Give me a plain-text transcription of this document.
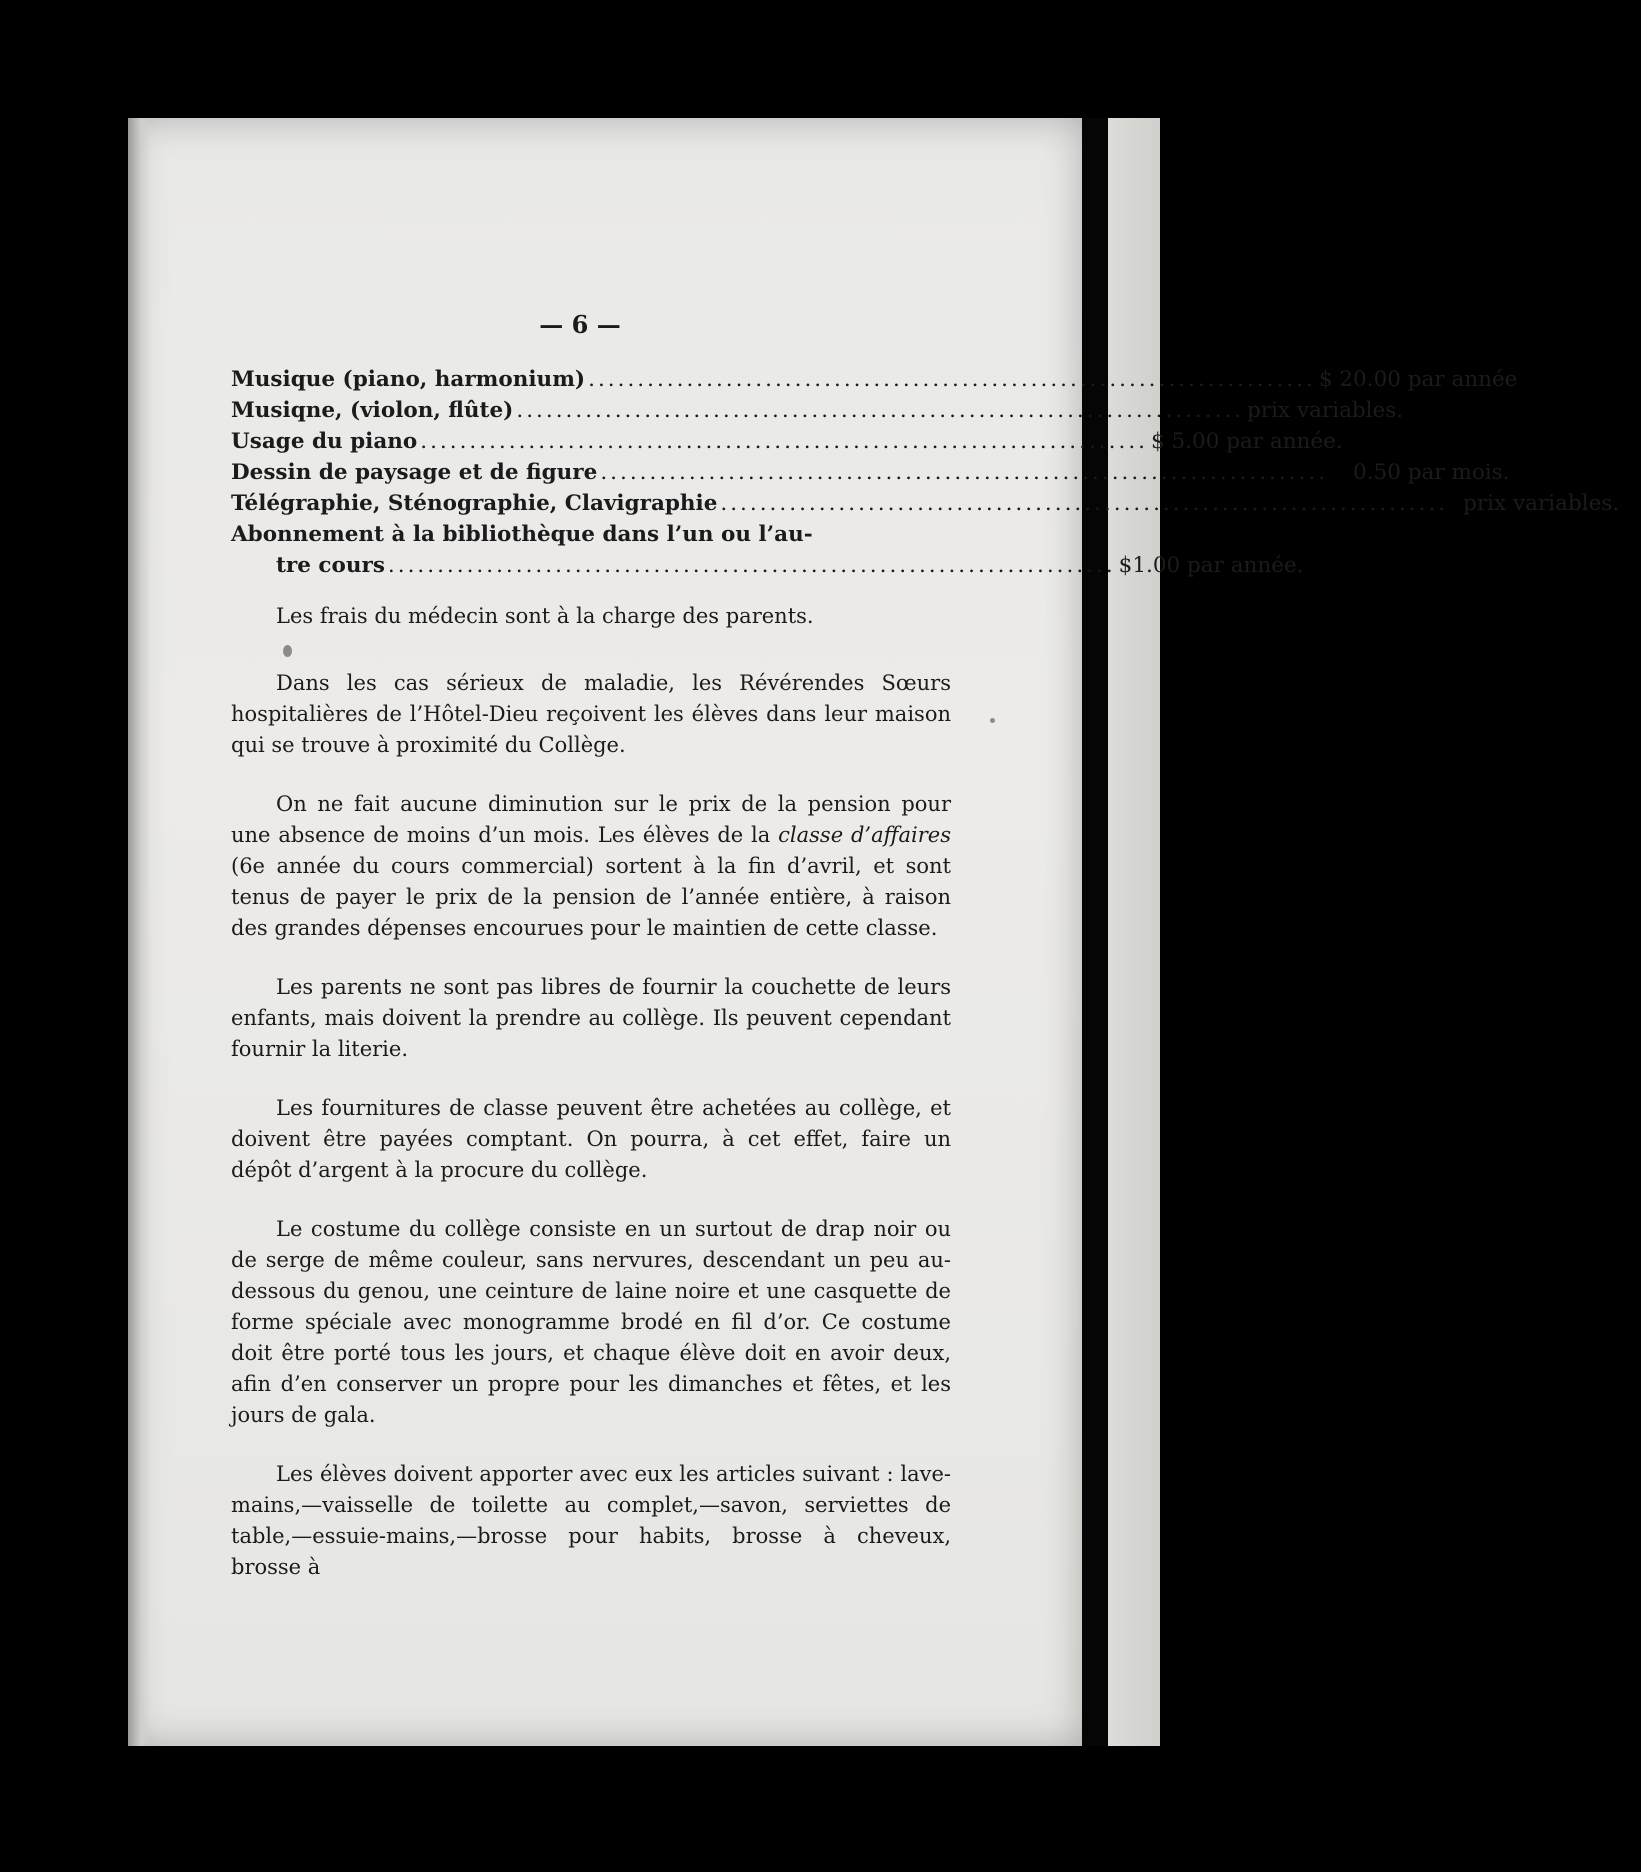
— 6 —
Musique (piano, harmonium) .......................................................................... $ 20.00 par année
Musiqne, (violon, flûte) .......................................................................... prix variables.
Usage du piano .......................................................................... $ 5.00 par année.
Dessin de paysage et de figure ..........................................................................	0.50 par mois.
Télégraphie, Sténographie, Clavigraphie .......................................................................... prix variables.
Abonnement à la bibliothèque dans l’un ou l’au-
tre cours .......................................................................... $1.00 par année.
Les frais du médecin sont à la charge des parents.

Dans les cas sérieux de maladie, les Révérendes Sœurs hospitalières de l’Hôtel-Dieu reçoivent les élèves dans leur maison qui se trouve à proximité du Collège.

On ne fait aucune diminution sur le prix de la pension pour une absence de moins d’un mois. Les élèves de la classe d’affaires (6e année du cours commercial) sortent à la fin d’avril, et sont tenus de payer le prix de la pension de l’année entière, à raison des grandes dépenses encourues pour le maintien de cette classe.

Les parents ne sont pas libres de fournir la couchette de leurs enfants, mais doivent la prendre au collège. Ils peuvent cependant fournir la literie.

Les fournitures de classe peuvent être achetées au collège, et doivent être payées comptant. On pourra, à cet effet, faire un dépôt d’argent à la procure du collège.

Le costume du collège consiste en un surtout de drap noir ou de serge de même couleur, sans nervures, descendant un peu au-dessous du genou, une ceinture de laine noire et une casquette de forme spéciale avec monogramme brodé en fil d’or. Ce costume doit être porté tous les jours, et chaque élève doit en avoir deux, afin d’en conserver un propre pour les dimanches et fêtes, et les jours de gala.

Les élèves doivent apporter avec eux les articles suivant : lave-mains,—vaisselle de toilette au complet,—savon, serviettes de table,—essuie-mains,—brosse pour habits, brosse à cheveux, brosse à
